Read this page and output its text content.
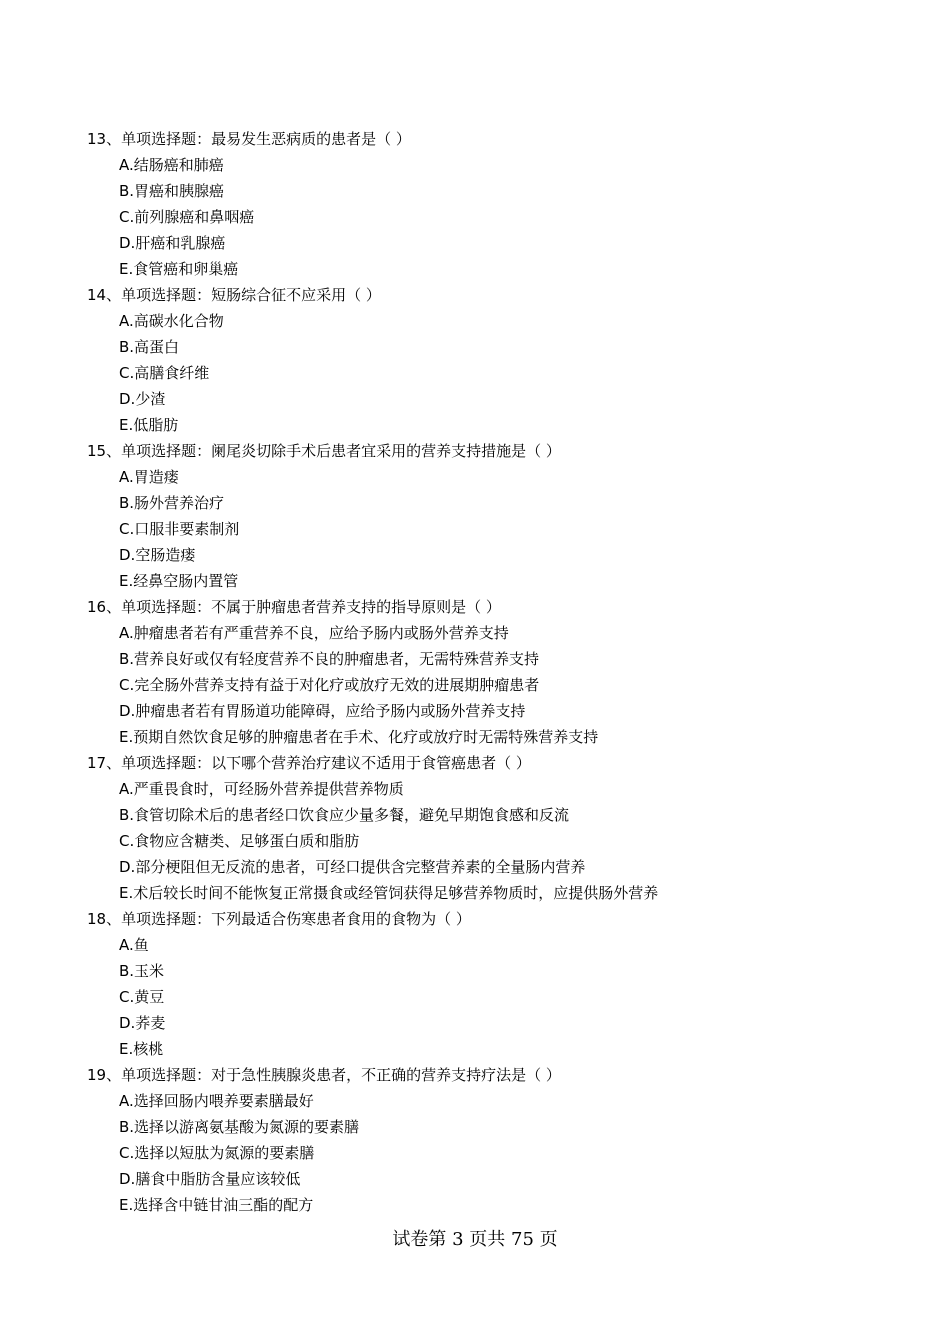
13、单项选择题：最易发生恶病质的患者是（ ）
A.结肠癌和肺癌
B.胃癌和胰腺癌
C.前列腺癌和鼻咽癌
D.肝癌和乳腺癌
E.食管癌和卵巢癌
14、单项选择题：短肠综合征不应采用（ ）
A.高碳水化合物
B.高蛋白
C.高膳食纤维
D.少渣
E.低脂肪
15、单项选择题：阑尾炎切除手术后患者宜采用的营养支持措施是（ ）
A.胃造瘘
B.肠外营养治疗
C.口服非要素制剂
D.空肠造瘘
E.经鼻空肠内置管
16、单项选择题：不属于肿瘤患者营养支持的指导原则是（ ）
A.肿瘤患者若有严重营养不良，应给予肠内或肠外营养支持
B.营养良好或仅有轻度营养不良的肿瘤患者，无需特殊营养支持
C.完全肠外营养支持有益于对化疗或放疗无效的进展期肿瘤患者
D.肿瘤患者若有胃肠道功能障碍，应给予肠内或肠外营养支持
E.预期自然饮食足够的肿瘤患者在手术、化疗或放疗时无需特殊营养支持
17、单项选择题：以下哪个营养治疗建议不适用于食管癌患者（ ）
A.严重畏食时，可经肠外营养提供营养物质
B.食管切除术后的患者经口饮食应少量多餐，避免早期饱食感和反流
C.食物应含糖类、足够蛋白质和脂肪
D.部分梗阻但无反流的患者，可经口提供含完整营养素的全量肠内营养
E.术后较长时间不能恢复正常摄食或经管饲获得足够营养物质时，应提供肠外营养
18、单项选择题：下列最适合伤寒患者食用的食物为（ ）
A.鱼
B.玉米
C.黄豆
D.荞麦
E.核桃
19、单项选择题：对于急性胰腺炎患者，不正确的营养支持疗法是（ ）
A.选择回肠内喂养要素膳最好
B.选择以游离氨基酸为氮源的要素膳
C.选择以短肽为氮源的要素膳
D.膳食中脂肪含量应该较低
E.选择含中链甘油三酯的配方
试卷第 3 页共 75 页
